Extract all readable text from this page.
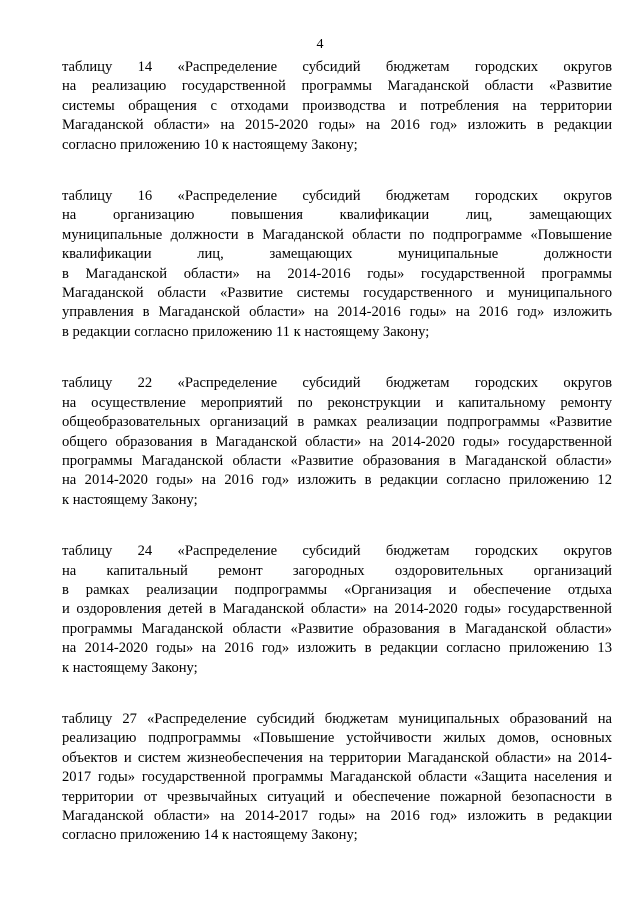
4

таблицу 14 «Распределение субсидий бюджетам городских округов
на реализацию государственной программы Магаданской области «Развитие
системы обращения с отходами производства и потребления на территории
Магаданской области» на 2015-2020 годы» на 2016 год» изложить в редакции
согласно приложению 10 к настоящему Закону;

таблицу 16 «Распределение субсидий бюджетам городских округов
на организацию повышения квалификации лиц, замещающих
муниципальные должности в Магаданской области по подпрограмме «Повышение
квалификации лиц, замещающих муниципальные должности
в Магаданской области» на 2014-2016 годы» государственной программы
Магаданской области «Развитие системы государственного и муниципального
управления в Магаданской области» на 2014-2016 годы» на 2016 год» изложить
в редакции согласно приложению 11 к настоящему Закону;

таблицу 22 «Распределение субсидий бюджетам городских округов
на осуществление мероприятий по реконструкции и капитальному ремонту
общеобразовательных организаций в рамках реализации подпрограммы «Развитие
общего образования в Магаданской области» на 2014-2020 годы» государственной
программы Магаданской области «Развитие образования в Магаданской области»
на 2014-2020 годы» на 2016 год» изложить в редакции согласно приложению 12
к настоящему Закону;

таблицу 24 «Распределение субсидий бюджетам городских округов
на капитальный ремонт загородных оздоровительных организаций
в рамках реализации подпрограммы «Организация и обеспечение отдыха
и оздоровления детей в Магаданской области» на 2014-2020 годы» государственной
программы Магаданской области «Развитие образования в Магаданской области»
на 2014-2020 годы» на 2016 год» изложить в редакции согласно приложению 13
к настоящему Закону;

таблицу 27 «Распределение субсидий бюджетам муниципальных образований на
реализацию подпрограммы «Повышение устойчивости жилых домов, основных
объектов и систем жизнеобеспечения на территории Магаданской области» на 2014-
2017 годы» государственной программы Магаданской области «Защита населения и
территории от чрезвычайных ситуаций и обеспечение пожарной безопасности в
Магаданской области» на 2014-2017 годы» на 2016 год» изложить в редакции
согласно приложению 14 к настоящему Закону;
